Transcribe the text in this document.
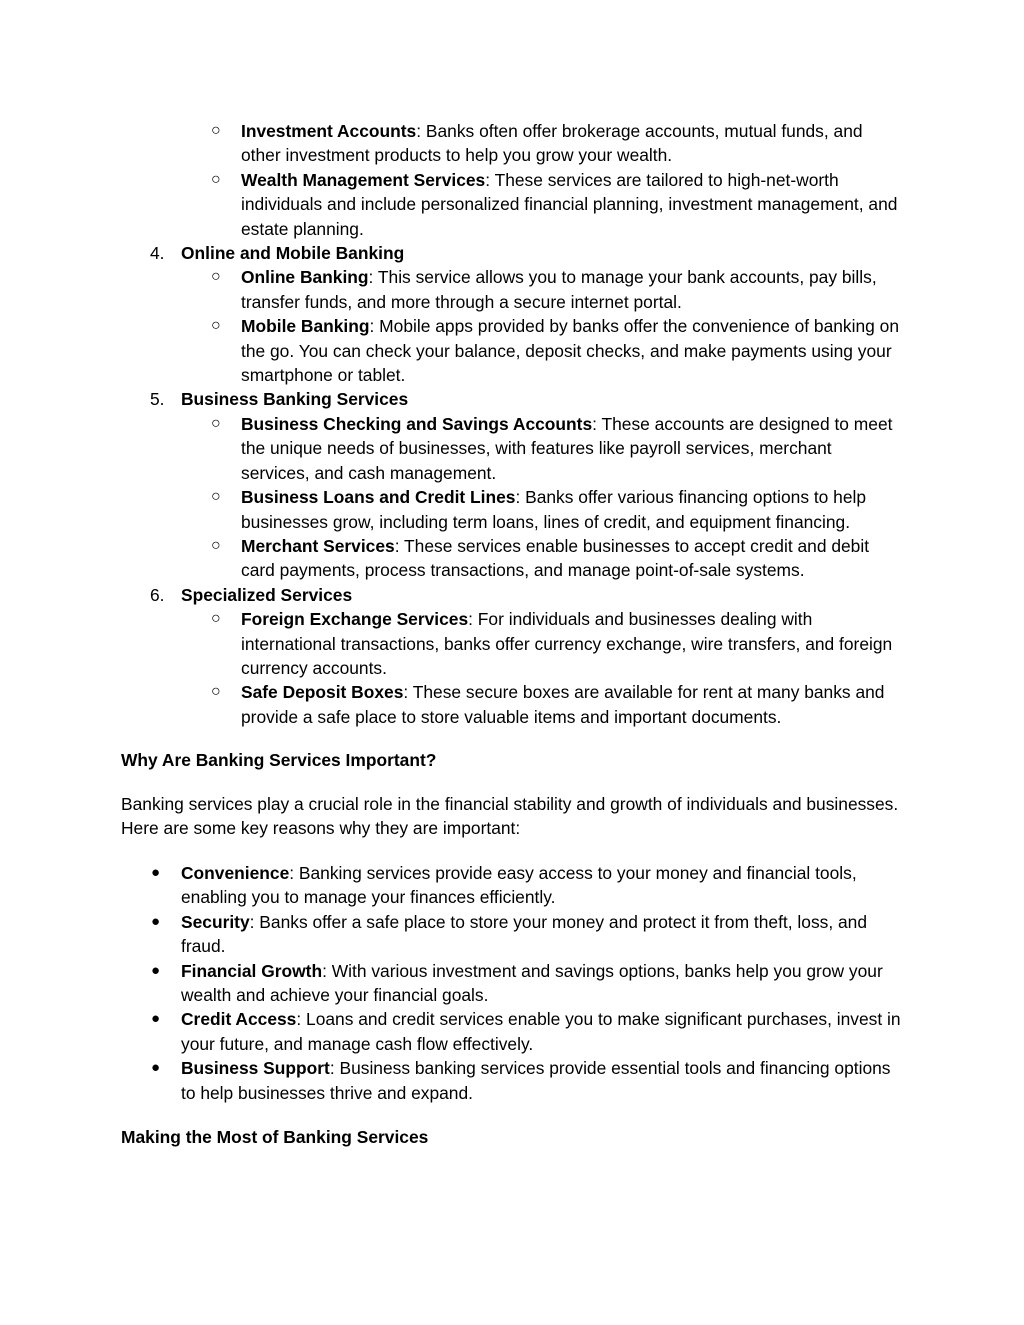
○ Investment Accounts: Banks often offer brokerage accounts, mutual funds, and other investment products to help you grow your wealth.
○ Wealth Management Services: These services are tailored to high-net-worth individuals and include personalized financial planning, investment management, and estate planning.
4. Online and Mobile Banking
○ Online Banking: This service allows you to manage your bank accounts, pay bills, transfer funds, and more through a secure internet portal.
○ Mobile Banking: Mobile apps provided by banks offer the convenience of banking on the go. You can check your balance, deposit checks, and make payments using your smartphone or tablet.
5. Business Banking Services
○ Business Checking and Savings Accounts: These accounts are designed to meet the unique needs of businesses, with features like payroll services, merchant services, and cash management.
○ Business Loans and Credit Lines: Banks offer various financing options to help businesses grow, including term loans, lines of credit, and equipment financing.
○ Merchant Services: These services enable businesses to accept credit and debit card payments, process transactions, and manage point-of-sale systems.
6. Specialized Services
○ Foreign Exchange Services: For individuals and businesses dealing with international transactions, banks offer currency exchange, wire transfers, and foreign currency accounts.
○ Safe Deposit Boxes: These secure boxes are available for rent at many banks and provide a safe place to store valuable items and important documents.
Why Are Banking Services Important?
Banking services play a crucial role in the financial stability and growth of individuals and businesses. Here are some key reasons why they are important:
● Convenience: Banking services provide easy access to your money and financial tools, enabling you to manage your finances efficiently.
● Security: Banks offer a safe place to store your money and protect it from theft, loss, and fraud.
● Financial Growth: With various investment and savings options, banks help you grow your wealth and achieve your financial goals.
● Credit Access: Loans and credit services enable you to make significant purchases, invest in your future, and manage cash flow effectively.
● Business Support: Business banking services provide essential tools and financing options to help businesses thrive and expand.
Making the Most of Banking Services
